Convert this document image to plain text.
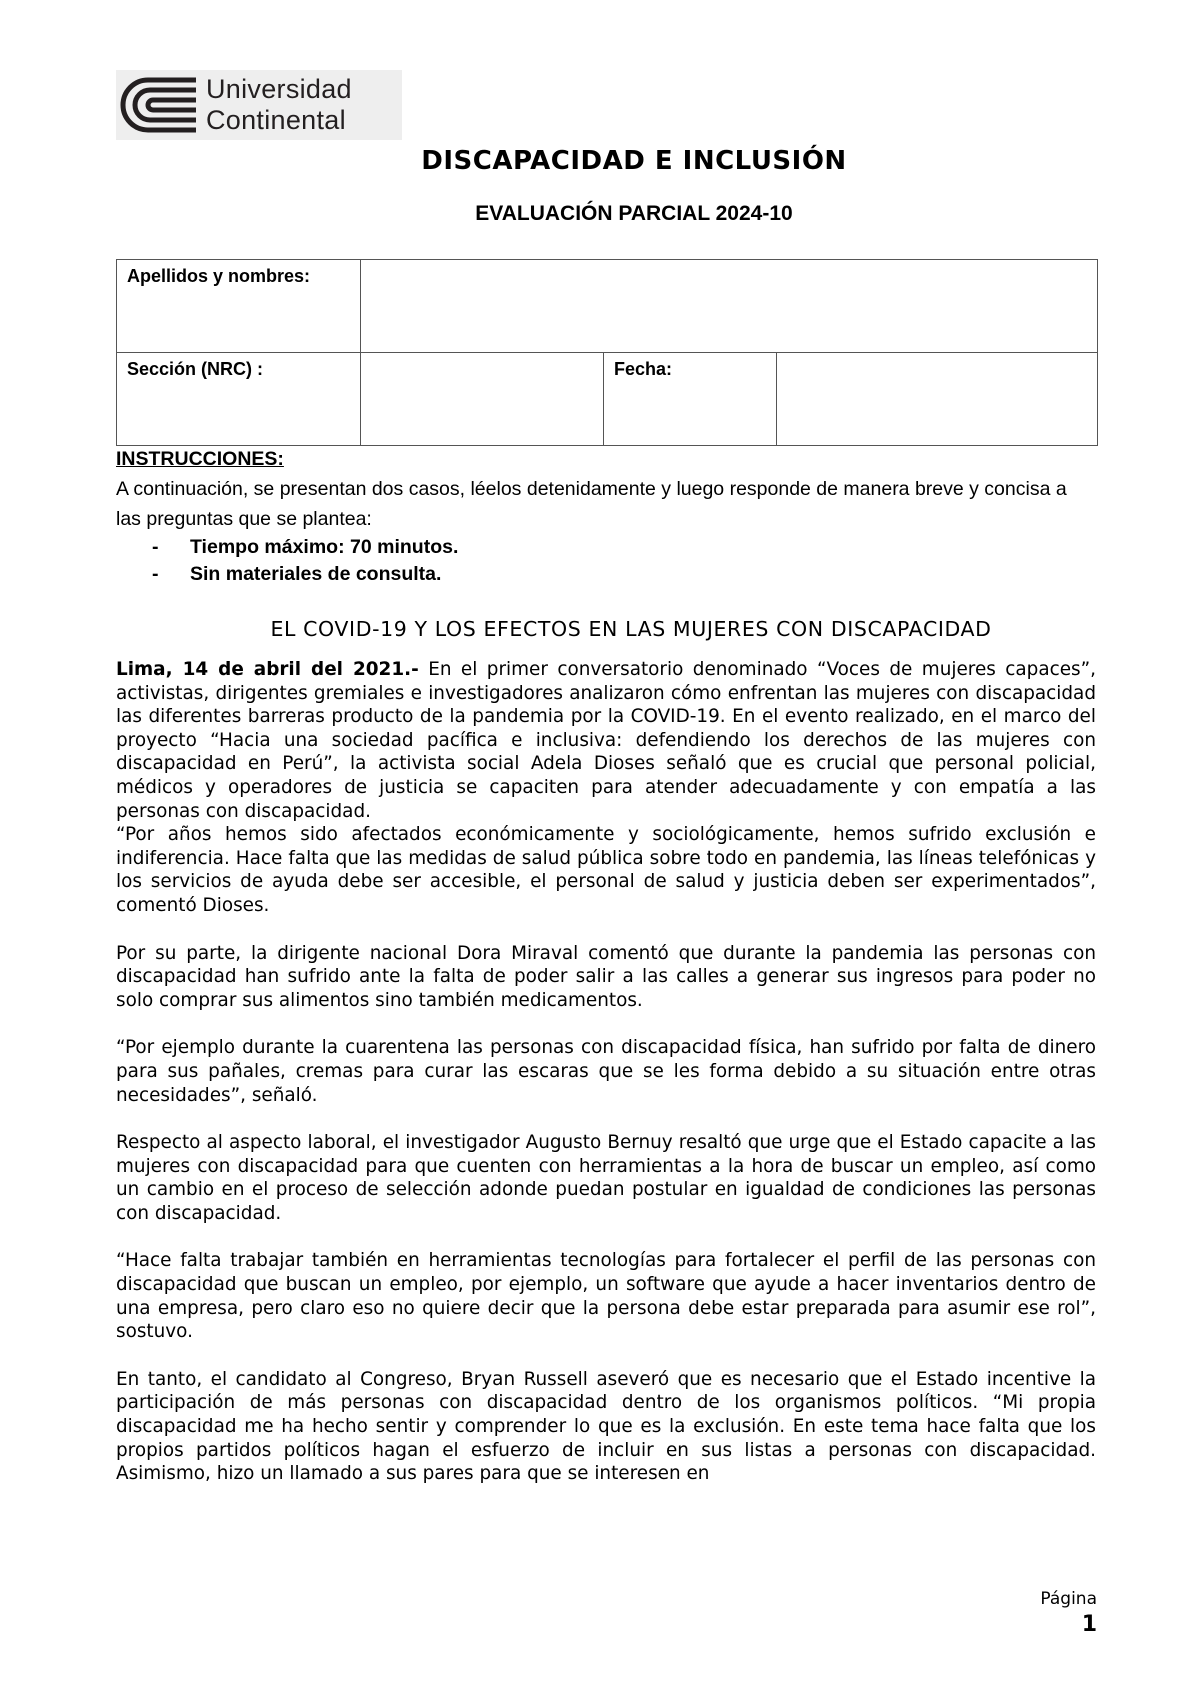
Universidad
Continental
DISCAPACIDAD E INCLUSIÓN
EVALUACIÓN PARCIAL 2024-10
Apellidos y nombres:			
Sección (NRC) :		Fecha:	
INSTRUCCIONES:
A continuación, se presentan dos casos, léelos detenidamente y luego responde de manera breve y concisa a las preguntas que se plantea:
- Tiempo máximo: 70 minutos.
- Sin materiales de consulta.
EL COVID-19 Y LOS EFECTOS EN LAS MUJERES CON DISCAPACIDAD

Lima, 14 de abril del 2021.- En el primer conversatorio denominado “Voces de mujeres capaces”, activistas, dirigentes gremiales e investigadores analizaron cómo enfrentan las mujeres con discapacidad las diferentes barreras producto de la pandemia por la COVID-19. En el evento realizado, en el marco del proyecto “Hacia una sociedad pacífica e inclusiva: defendiendo los derechos de las mujeres con discapacidad en Perú”, la activista social Adela Dioses señaló que es crucial que personal policial, médicos y operadores de justicia se capaciten para atender adecuadamente y con empatía a las personas con discapacidad.

“Por años hemos sido afectados económicamente y sociológicamente, hemos sufrido exclusión e indiferencia. Hace falta que las medidas de salud pública sobre todo en pandemia, las líneas telefónicas y los servicios de ayuda debe ser accesible, el personal de salud y justicia deben ser experimentados”, comentó Dioses.

Por su parte, la dirigente nacional Dora Miraval comentó que durante la pandemia las personas con discapacidad han sufrido ante la falta de poder salir a las calles a generar sus ingresos para poder no solo comprar sus alimentos sino también medicamentos.

“Por ejemplo durante la cuarentena las personas con discapacidad física, han sufrido por falta de dinero para sus pañales, cremas para curar las escaras que se les forma debido a su situación entre otras necesidades”, señaló.

Respecto al aspecto laboral, el investigador Augusto Bernuy resaltó que urge que el Estado capacite a las mujeres con discapacidad para que cuenten con herramientas a la hora de buscar un empleo, así como un cambio en el proceso de selección adonde puedan postular en igualdad de condiciones las personas con discapacidad.

“Hace falta trabajar también en herramientas tecnologías para fortalecer el perfil de las personas con discapacidad que buscan un empleo, por ejemplo, un software que ayude a hacer inventarios dentro de una empresa, pero claro eso no quiere decir que la persona debe estar preparada para asumir ese rol”, sostuvo.

En tanto, el candidato al Congreso, Bryan Russell aseveró que es necesario que el Estado incentive la participación de más personas con discapacidad dentro de los organismos políticos. “Mi propia discapacidad me ha hecho sentir y comprender lo que es la exclusión. En este tema hace falta que los propios partidos políticos hagan el esfuerzo de incluir en sus listas a personas con discapacidad. Asimismo, hizo un llamado a sus pares para que se interesen en

Página
1
